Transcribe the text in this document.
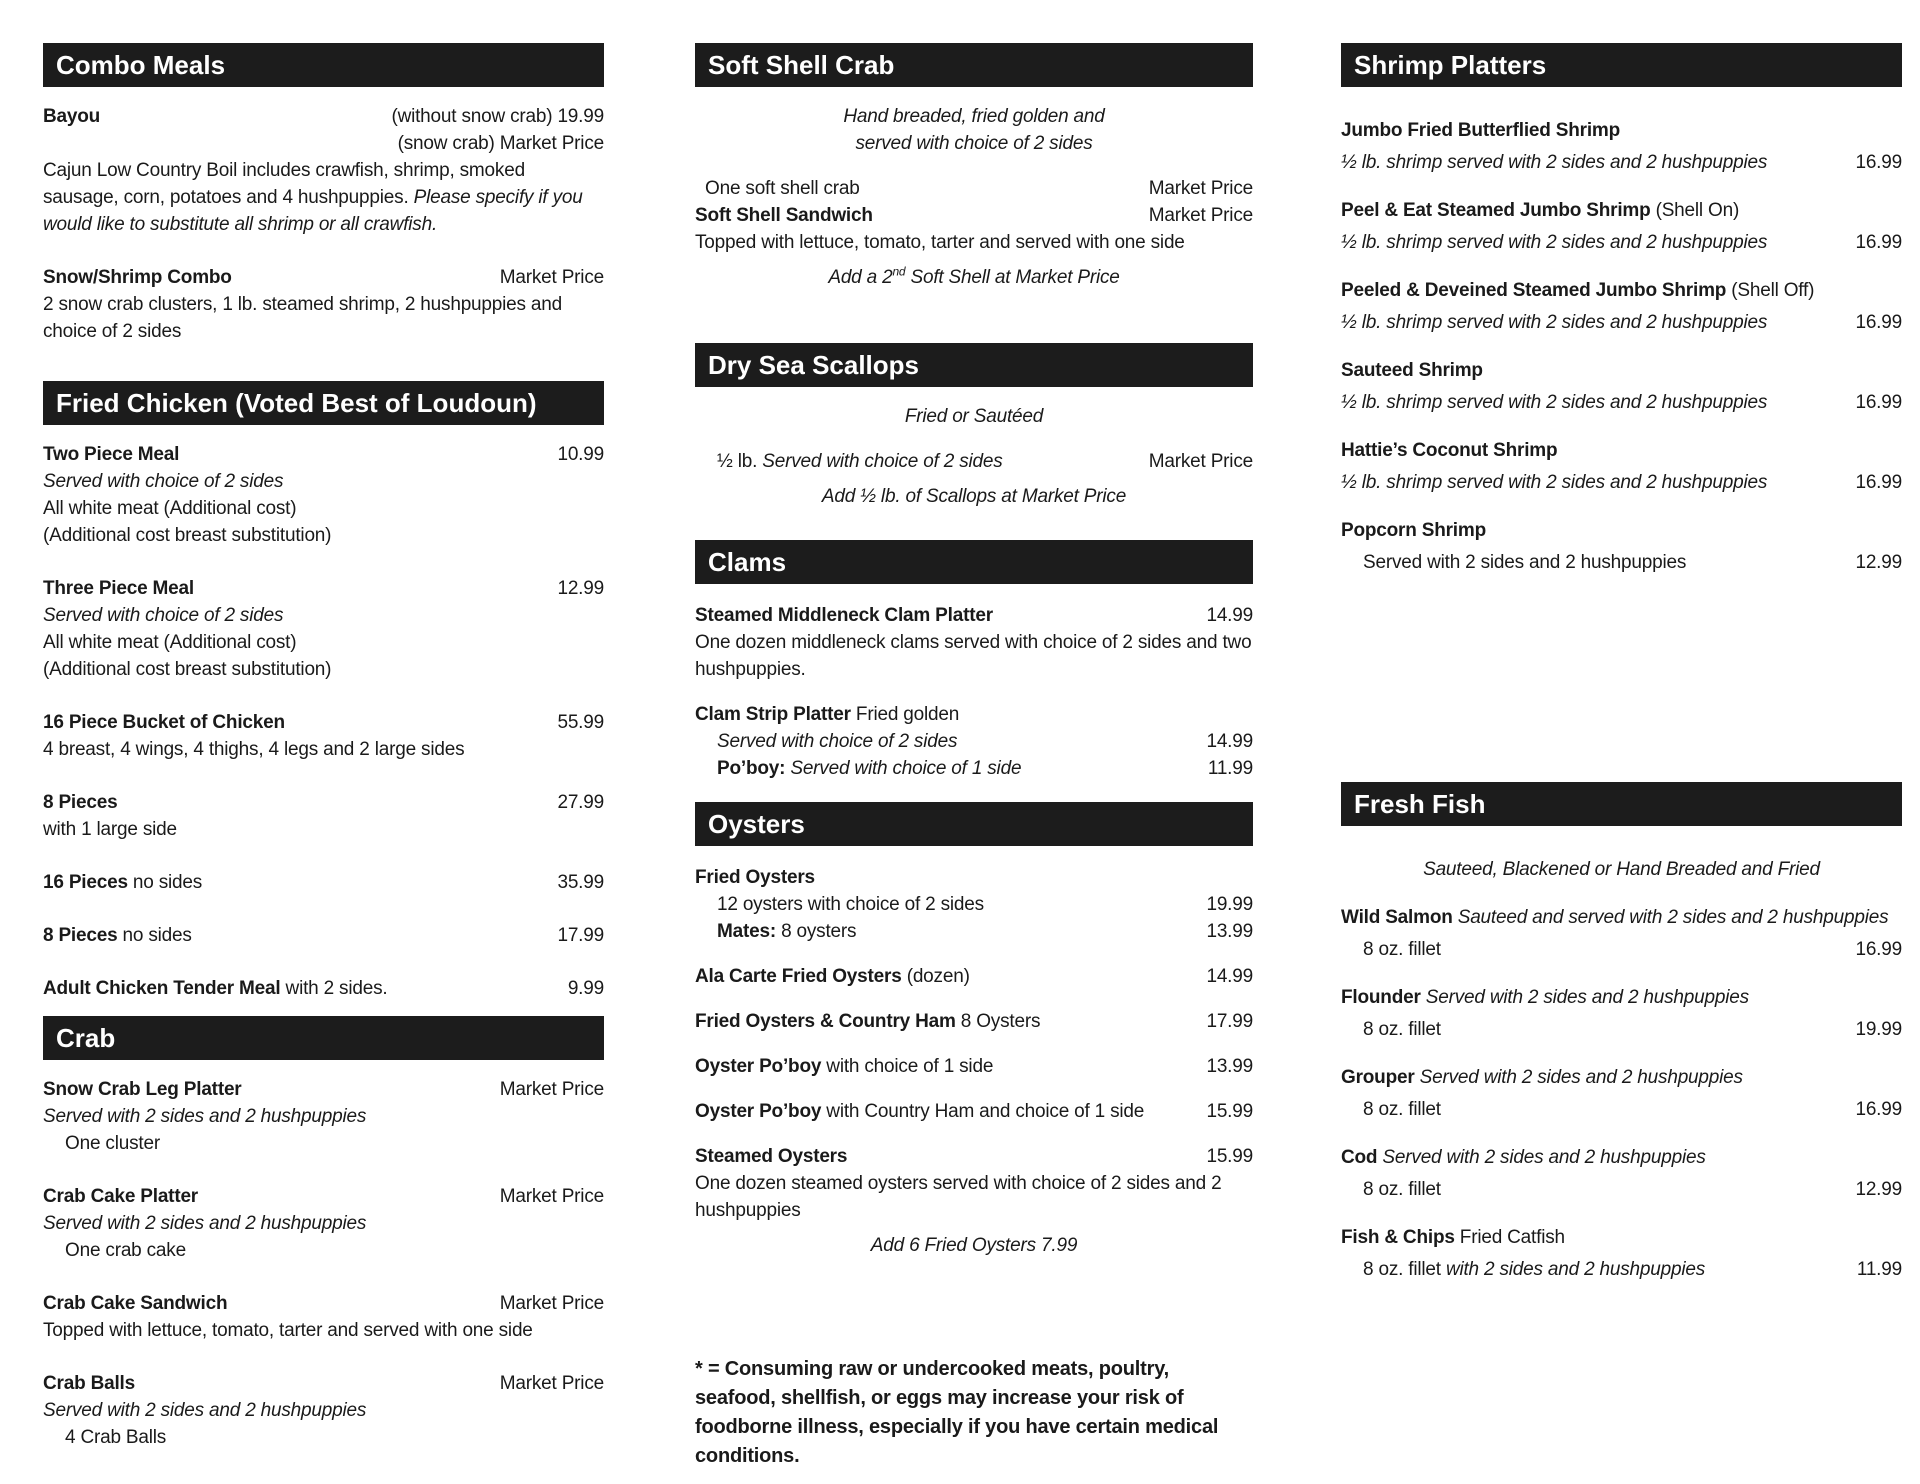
Combo Meals
Bayou	(without snow crab) 19.99
(snow crab) Market Price
Cajun Low Country Boil includes crawfish, shrimp, smoked sausage, corn, potatoes and 4 hushpuppies. Please specify if you would like to substitute all shrimp or all crawfish.
Snow/Shrimp Combo	Market Price
2 snow crab clusters, 1 lb. steamed shrimp, 2 hushpuppies and choice of 2 sides
Fried Chicken (Voted Best of Loudoun)
Two Piece Meal	10.99
Served with choice of 2 sides
All white meat (Additional cost)
(Additional cost breast substitution)
Three Piece Meal	12.99
Served with choice of 2 sides
All white meat (Additional cost)
(Additional cost breast substitution)
16 Piece Bucket of Chicken	55.99
4 breast, 4 wings, 4 thighs, 4 legs and 2 large sides
8 Pieces	27.99
with 1 large side
16 Pieces no sides	35.99
8 Pieces no sides	17.99
Adult Chicken Tender Meal with 2 sides.	9.99
Crab
Snow Crab Leg Platter	Market Price
Served with 2 sides and 2 hushpuppies
One cluster
Crab Cake Platter	Market Price
Served with 2 sides and 2 hushpuppies
One crab cake
Crab Cake Sandwich	Market Price
Topped with lettuce, tomato, tarter and served with one side
Crab Balls	Market Price
Served with 2 sides and 2 hushpuppies
4 Crab Balls
Soft Shell Crab
Hand breaded, fried golden and
served with choice of 2 sides
One soft shell crab	Market Price
Soft Shell Sandwich	Market Price
Topped with lettuce, tomato, tarter and served with one side
Add a 2nd Soft Shell at Market Price
Dry Sea Scallops
Fried or Sautéed
½ lb. Served with choice of 2 sides	Market Price
Add ½ lb. of Scallops at Market Price
Clams
Steamed Middleneck Clam Platter	14.99
One dozen middleneck clams served with choice of 2 sides and two hushpuppies.
Clam Strip Platter Fried golden
Served with choice of 2 sides	14.99
Po’boy: Served with choice of 1 side	11.99
Oysters
Fried Oysters
12 oysters with choice of 2 sides	19.99
Mates: 8 oysters	13.99
Ala Carte Fried Oysters (dozen)	14.99
Fried Oysters & Country Ham 8 Oysters	17.99
Oyster Po’boy with choice of 1 side	13.99
Oyster Po’boy with Country Ham and choice of 1 side	15.99
Steamed Oysters	15.99
One dozen steamed oysters served with choice of 2 sides and 2 hushpuppies
Add 6 Fried Oysters 7.99
* = Consuming raw or undercooked meats, poultry, seafood, shellfish, or eggs may increase your risk of foodborne illness, especially if you have certain medical conditions.
Shrimp Platters
Jumbo Fried Butterflied Shrimp
½ lb. shrimp served with 2 sides and 2 hushpuppies	16.99
Peel & Eat Steamed Jumbo Shrimp (Shell On)
½ lb. shrimp served with 2 sides and 2 hushpuppies	16.99
Peeled & Deveined Steamed Jumbo Shrimp (Shell Off)
½ lb. shrimp served with 2 sides and 2 hushpuppies	16.99
Sauteed Shrimp
½ lb. shrimp served with 2 sides and 2 hushpuppies	16.99
Hattie’s Coconut Shrimp
½ lb. shrimp served with 2 sides and 2 hushpuppies	16.99
Popcorn Shrimp
Served with 2 sides and 2 hushpuppies	12.99
Fresh Fish
Sauteed, Blackened or Hand Breaded and Fried
Wild Salmon Sauteed and served with 2 sides and 2 hushpuppies
8 oz. fillet	16.99
Flounder Served with 2 sides and 2 hushpuppies
8 oz. fillet	19.99
Grouper Served with 2 sides and 2 hushpuppies
8 oz. fillet	16.99
Cod Served with 2 sides and 2 hushpuppies
8 oz. fillet	12.99
Fish & Chips Fried Catfish
8 oz. fillet with 2 sides and 2 hushpuppies	11.99
